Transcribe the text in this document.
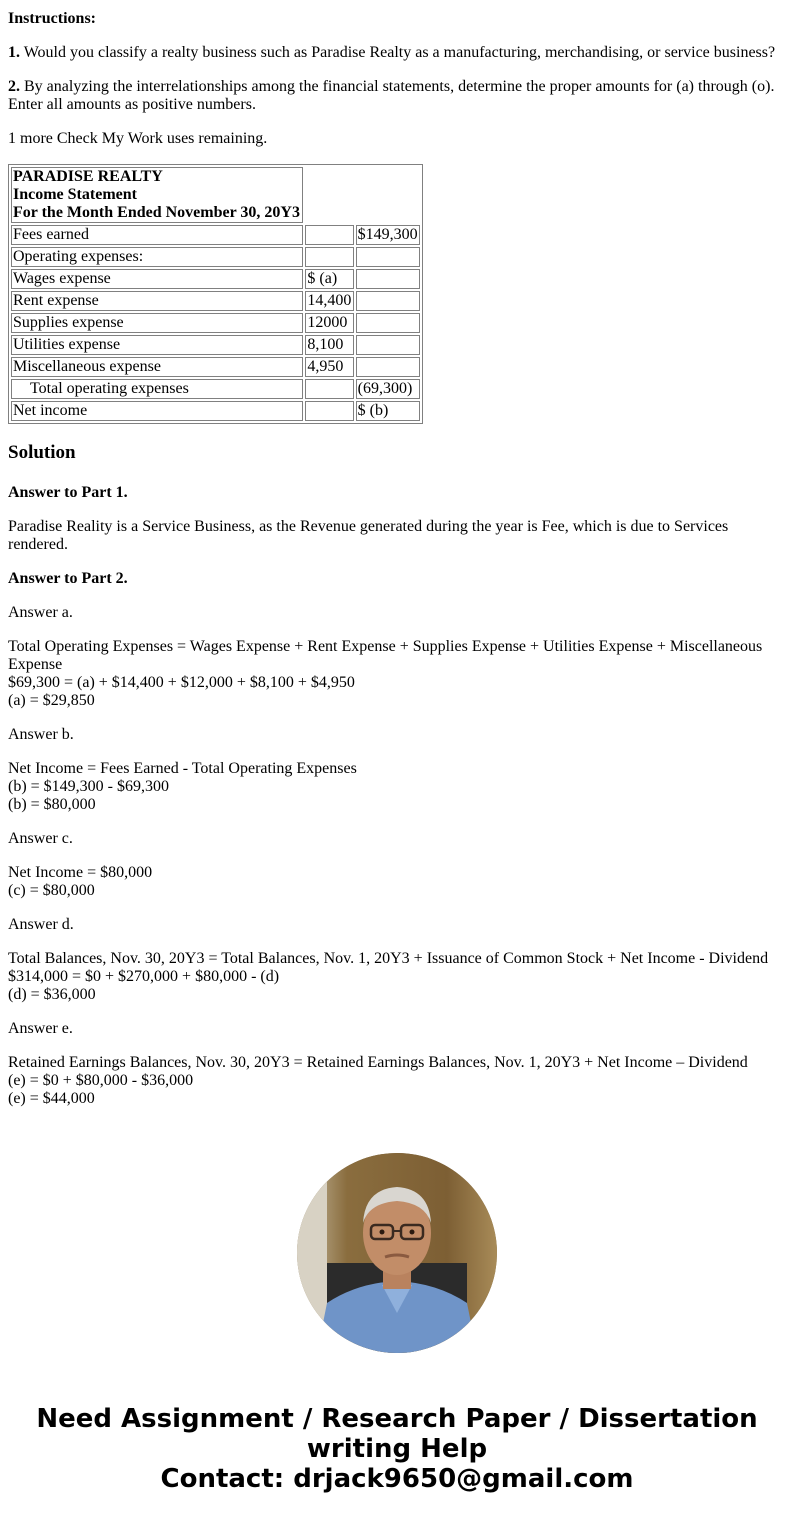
Instructions:

1. Would you classify a realty business such as Paradise Realty as a manufacturing, merchandising, or service business?

2. By analyzing the interrelationships among the financial statements, determine the proper amounts for (a) through (o). Enter all amounts as positive numbers.

1 more Check My Work uses remaining.

PARADISE REALTY
Income Statement
For the Month Ended November 30, 20Y3		

Fees earned		$149,300
Operating expenses:		
Wages expense	$ (a)	
Rent expense	14,400	
Supplies expense	12000	
Utilities expense	8,100	
Miscellaneous expense	4,950	
Total operating expenses		(69,300)
Net income		$ (b)
Solution

Answer to Part 1.

Paradise Reality is a Service Business, as the Revenue generated during the year is Fee, which is due to Services rendered.

Answer to Part 2.

Answer a.

Total Operating Expenses = Wages Expense + Rent Expense + Supplies Expense + Utilities Expense + Miscellaneous Expense
$69,300 = (a) + $14,400 + $12,000 + $8,100 + $4,950
(a) = $29,850

Answer b.

Net Income = Fees Earned - Total Operating Expenses
(b) = $149,300 - $69,300
(b) = $80,000

Answer c.

Net Income = $80,000
(c) = $80,000

Answer d.

Total Balances, Nov. 30, 20Y3 = Total Balances, Nov. 1, 20Y3 + Issuance of Common Stock + Net Income - Dividend
$314,000 = $0 + $270,000 + $80,000 - (d)
(d) = $36,000

Answer e.

Retained Earnings Balances, Nov. 30, 20Y3 = Retained Earnings Balances, Nov. 1, 20Y3 + Net Income – Dividend
(e) = $0 + $80,000 - $36,000
(e) = $44,000
Need Assignment / Research Paper / Dissertation
writing Help
Contact: drjack9650@gmail.com
